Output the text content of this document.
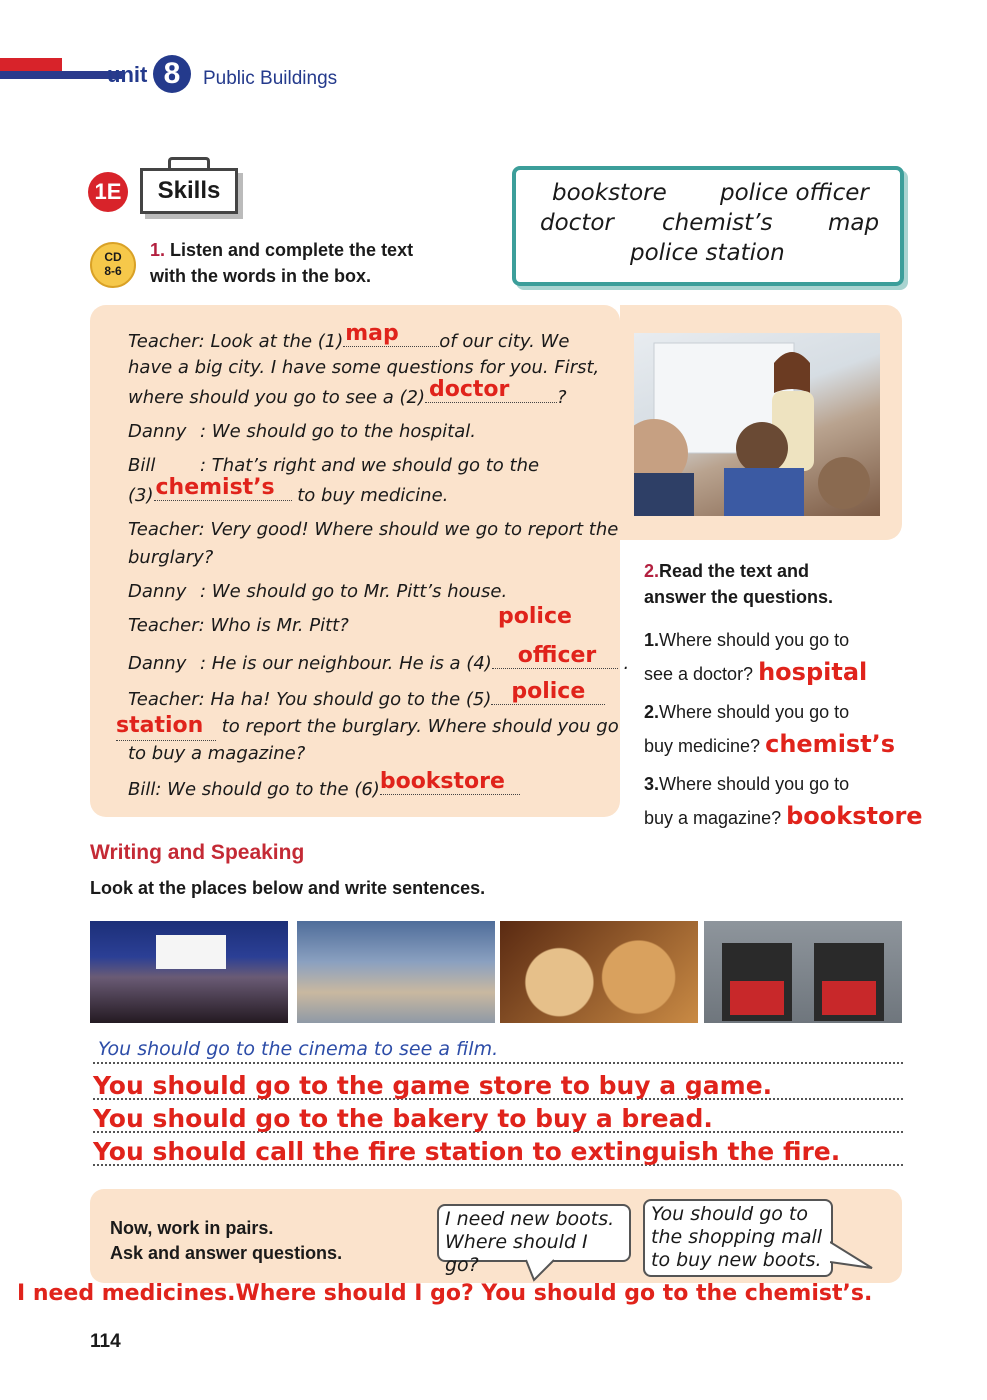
unit 8	Public Buildings
1E	Skills
CD
8-6
1. Listen and complete the text
with the words in the box.
bookstore police officer
doctor chemist’s map
police station
Teacher: Look at the (1) map of our city. We
have a big city. I have some questions for you. First,
where should you go to see a (2) doctor	?
Danny : We should go to the hospital.
Bill : That’s right and we should go to the
(3) chemist’s to buy medicine.
Teacher: Very good! Where should we go to report the
burglary?
Danny : We should go to Mr. Pitt’s house.
Teacher: Who is Mr. Pitt?	police
Danny : He is our neighbour. He is a (4) officer .
Teacher: Ha ha! You should go to the (5) police
station to report the burglary. Where should you go
to buy a magazine?
Bill: We should go to the (6) bookstore
2.Read the text and
answer the questions.
1.Where should you go to
see a doctor? hospital
2.Where should you go to
buy medicine? chemist’s
3.Where should you go to
buy a magazine? bookstore
Writing and Speaking
Look at the places below and write sentences.
You should go to the cinema to see a film.
You should go to the game store to buy a game.
You should go to the bakery to buy a bread.
You should call the fire station to extinguish the fire.
Now, work in pairs.
Ask and answer questions.
I need new boots.
Where should I go?
You should go to
the shopping mall
to buy new boots.
I need medicines.Where should I go? You should go to the chemist’s.
114
